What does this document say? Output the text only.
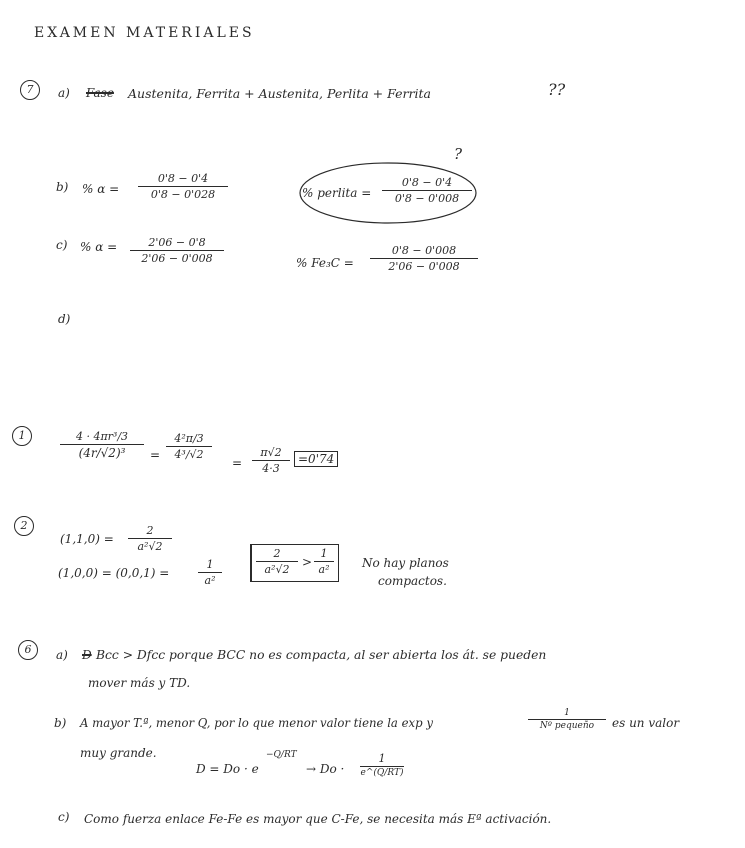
EXAMEN MATERIALES
7	a) Fase Austenita, Ferrita + Austenita, Perlita + Ferrita	??
b) % $\alpha = \frac{0'8 - 0'4}{0'8 - 0'028}$
?
% perlita = $\frac{0'8 - 0'4}{0'8 - 0'008}$
c) % $\alpha = \frac{2'06 - 0'8}{2'06 - 0'008}$	% $Fe_3C = \frac{0'8 - 0'008}{2'06 - 0'008}$
d)
1	$\frac{\text{4 · 4πr³/3}}{\text{(4r/√2)³}} = \frac{\text{4²π/3}}{\text{4³/√2}}$
= $\frac{\pi√2}{4\cdot 3} =0'74$
2
$(1,1,0) = \frac{2}{\text{a²√2}}$
(1,0,0) = (0,0,1) =	$\frac{1}{\text{a²}}$	$\frac{2}{\text{a²√2}} > \frac{1}{\text{a²}}$ No hay planos
compactos.
6	a) D Bcc > Dfcc porque BCC no es compacta, al ser abierta los át. se pueden
mover más y TD.
b) A mayor T.ª, menor Q, por lo que menor valor tiene la exp y
1
Nº pequeño	es un valor
muy grande.
D = Do · e
−Q/RT
→ Do ·
1
e^(Q/RT)
c) Como fuerza enlace Fe-Fe es mayor que C-Fe, se necesita más Eª activación.
